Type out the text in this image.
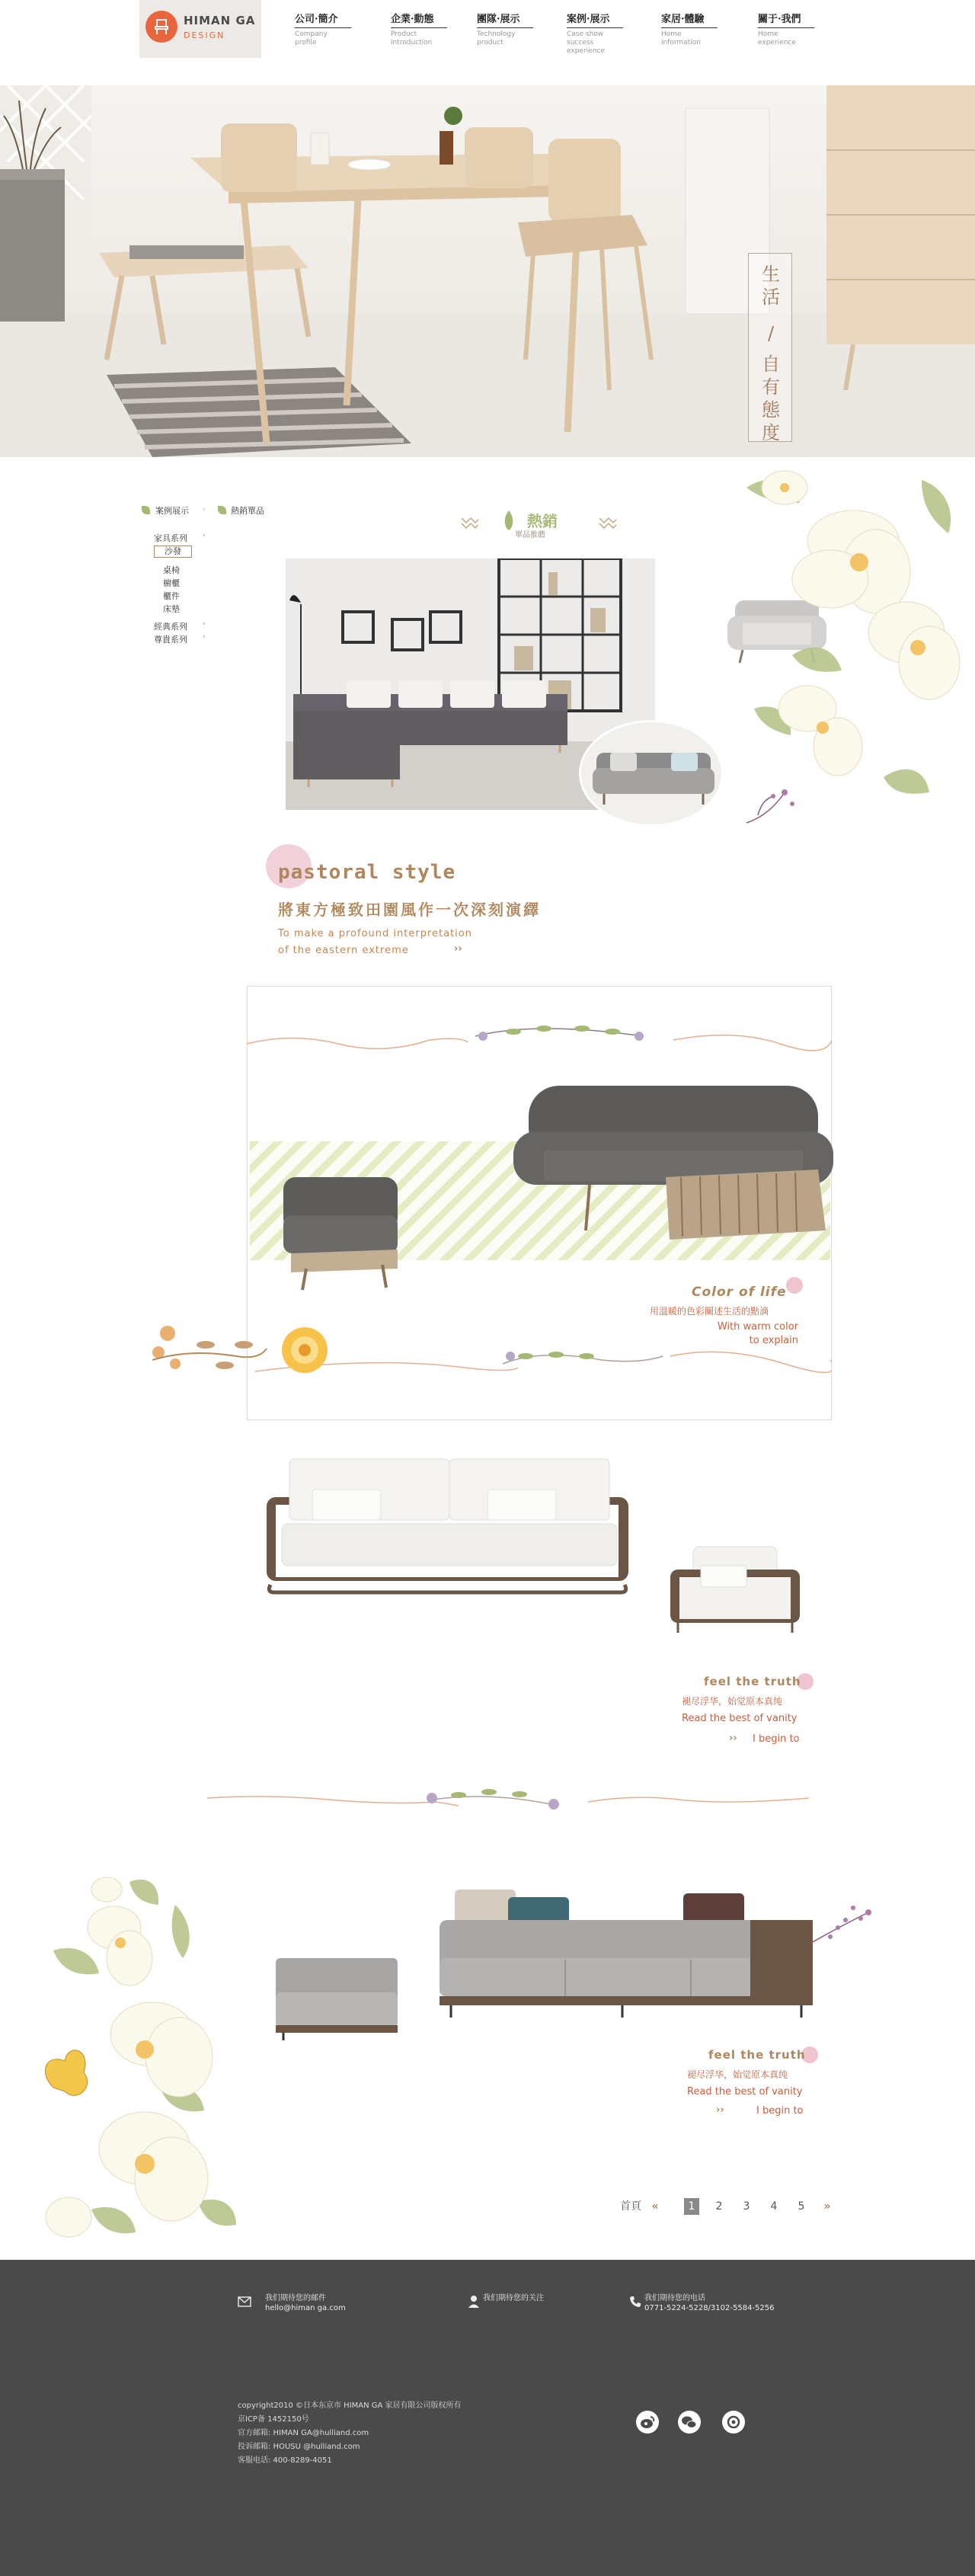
HIMAN GA
DESIGN
公司·簡介
Company profile
企業·動態
Product introduction
團隊·展示
Technology product
案例·展示
Case show success experience
家居·體驗
Home information
關于·我們
Home experience
生活
/
自有態度
案例展示 ›	熱銷單品
家具系列 ›
沙發
桌椅
櫥櫃
櫃件
床墊
經典系列 ›
尊貴系列 ›
熱銷
單品推薦
pastoral style
將東方極致田園風作一次深刻演繹
To make a profound interpretation
of the eastern extreme	››
Color of life
用溫暖的色彩闡述生活的點滴
With warm color
to explain
feel the truth
褪尽浮华，始觉原本真纯
Read the best of vanity
›› I begin to
feel the truth
褪尽浮华，始觉原本真纯
Read the best of vanity
››	I begin to
首頁 «	1	2	3	4	5	»
我们期待您的邮件
hello@himan ga.com
我们期待您的关注	我们期待您的电话
0771-5224-5228/3102-5584-5256
copyright2010 ©日本东京市 HIMAN GA 家居有限公司版权所有
京ICP备 1452150号
官方邮箱: HIMAN GA@hulliand.com
投诉邮箱: HOUSU @hulliand.com
客服电话: 400-8289-4051
